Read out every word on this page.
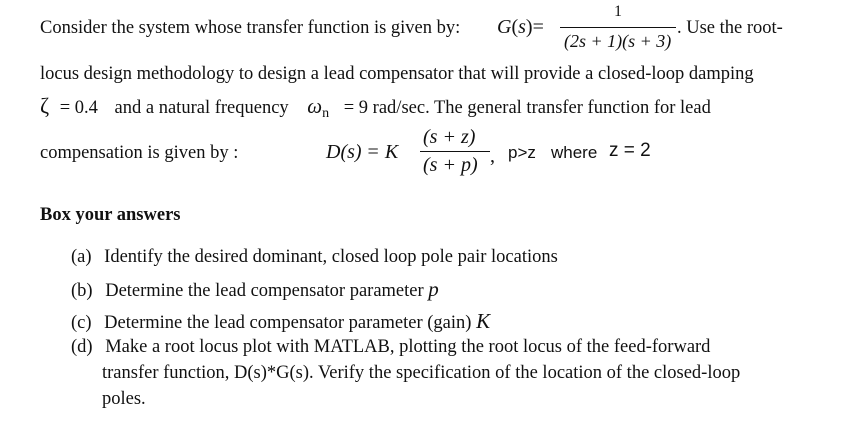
Consider the system whose transfer function is given by: G(s)=
1
(2s + 1)(s + 3)
. Use the root-
locus design methodology to design a lead compensator that will provide a closed-loop damping
ζ = 0.4 and a natural frequency $\omega_n = 9$ rad/sec. The general transfer function for lead
compensation is given by :	D(s) = K
(s + z)
(s + p) , p>z where z = 2
Box your answers
(a) Identify the desired dominant, closed loop pole pair locations
(b) Determine the lead compensator parameter p
(c) Determine the lead compensator parameter (gain) K
(d) Make a root locus plot with MATLAB, plotting the root locus of the feed-forward
transfer function, D(s)*G(s). Verify the specification of the location of the closed-loop
poles.
